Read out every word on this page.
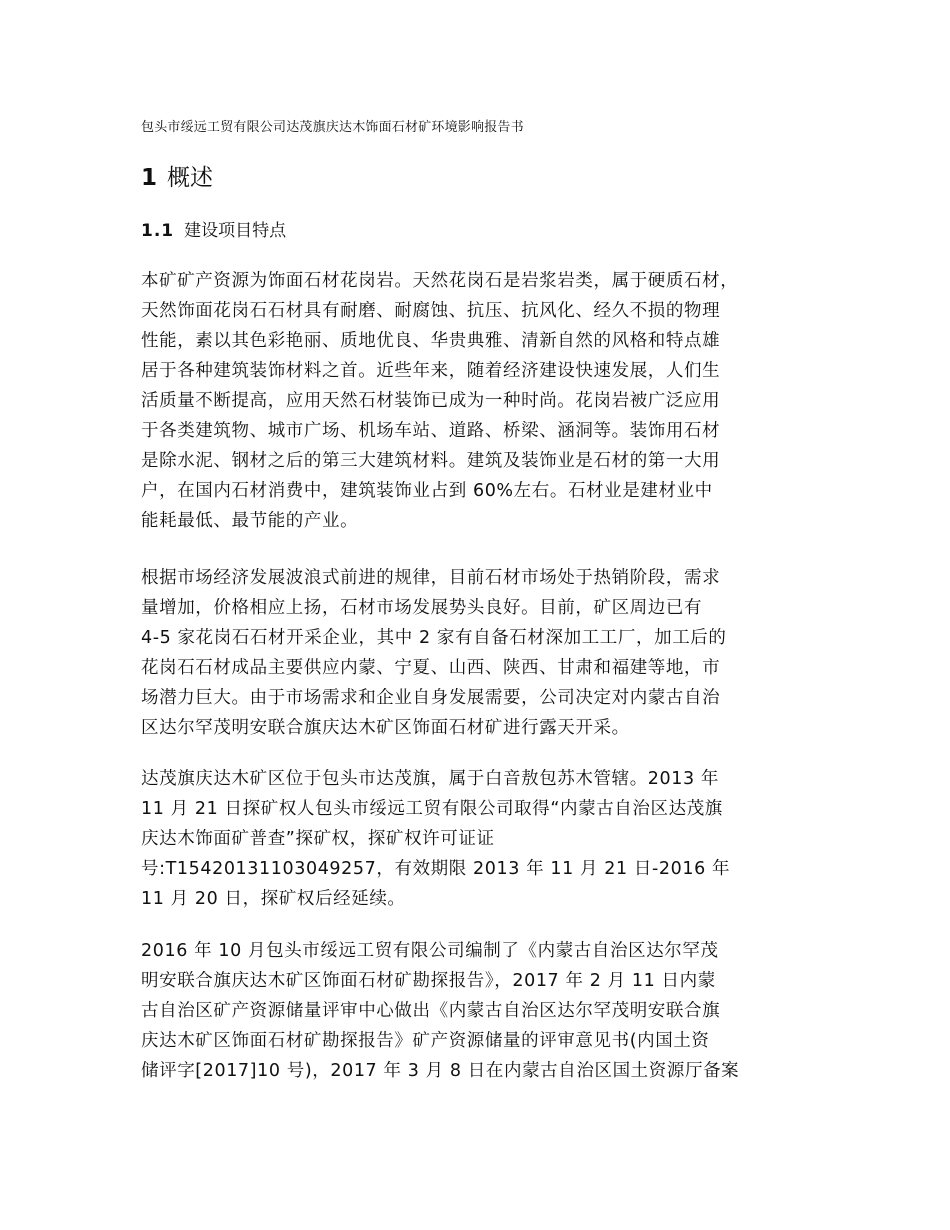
包头市绥远工贸有限公司达茂旗庆达木饰面石材矿环境影响报告书
1 概述
1.1 建设项目特点
本矿矿产资源为饰面石材花岗岩。天然花岗石是岩浆岩类，属于硬质石材，
天然饰面花岗石石材具有耐磨、耐腐蚀、抗压、抗风化、经久不损的物理
性能，素以其色彩艳丽、质地优良、华贵典雅、清新自然的风格和特点雄
居于各种建筑装饰材料之首。近些年来，随着经济建设快速发展，人们生
活质量不断提高，应用天然石材装饰已成为一种时尚。花岗岩被广泛应用
于各类建筑物、城市广场、机场车站、道路、桥梁、涵洞等。装饰用石材
是除水泥、钢材之后的第三大建筑材料。建筑及装饰业是石材的第一大用
户，在国内石材消费中，建筑装饰业占到 60%左右。石材业是建材业中
能耗最低、最节能的产业。
根据市场经济发展波浪式前进的规律，目前石材市场处于热销阶段，需求
量增加，价格相应上扬，石材市场发展势头良好。目前，矿区周边已有
4-5 家花岗石石材开采企业，其中 2 家有自备石材深加工工厂，加工后的
花岗石石材成品主要供应内蒙、宁夏、山西、陕西、甘肃和福建等地，市
场潜力巨大。由于市场需求和企业自身发展需要，公司决定对内蒙古自治
区达尔罕茂明安联合旗庆达木矿区饰面石材矿进行露天开采。
达茂旗庆达木矿区位于包头市达茂旗，属于白音敖包苏木管辖。2013 年
11 月 21 日探矿权人包头市绥远工贸有限公司取得“内蒙古自治区达茂旗
庆达木饰面矿普查”探矿权，探矿权许可证证
号:T15420131103049257，有效期限 2013 年 11 月 21 日-2016 年
11 月 20 日，探矿权后经延续。
2016 年 10 月包头市绥远工贸有限公司编制了《内蒙古自治区达尔罕茂
明安联合旗庆达木矿区饰面石材矿勘探报告》，2017 年 2 月 11 日内蒙
古自治区矿产资源储量评审中心做出《内蒙古自治区达尔罕茂明安联合旗
庆达木矿区饰面石材矿勘探报告》矿产资源储量的评审意见书(内国土资
储评字[2017]10 号)，2017 年 3 月 8 日在内蒙古自治区国土资源厅备案
